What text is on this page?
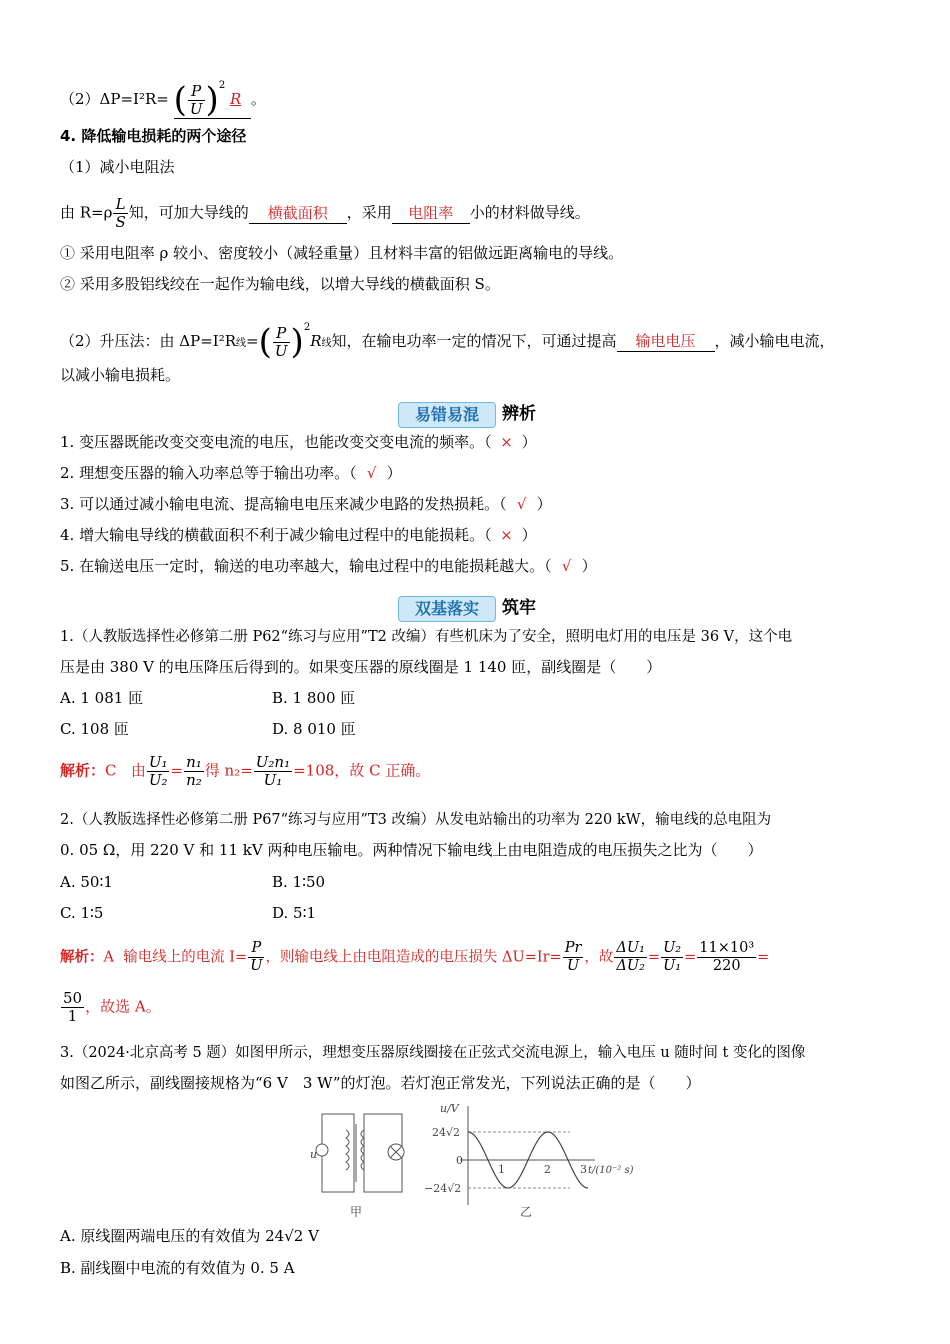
（2）ΔP=I²R= ( $\frac{P}{U} )^2$ R 。
4. 降低输电损耗的两个途径
（1）减小电阻法
由 $R=\rho \frac{L}{S}$ 知，可加大导线的 横截面积 ，采用 电阻率 小的材料做导线。
① 采用电阻率 ρ 较小、密度较小（减轻重量）且材料丰富的铝做远距离输电的导线。
② 采用多股铝线绞在一起作为输电线，以增大导线的横截面积 S。
（2）升压法：由 ΔP=I²R线=( $\frac{P}{U} )^2R$线知，在输电功率一定的情况下，可通过提高 输电电压 ，减小输电电流，
以减小输电损耗。
易错易混	辨析
1. 变压器既能改变交变电流的电压，也能改变交变电流的频率。（ × ）
2. 理想变压器的输入功率总等于输出功率。（ √ ）
3. 可以通过减小输电电流、提高输电电压来减少电路的发热损耗。（ √ ）
4. 增大输电导线的横截面积不利于减少输电过程中的电能损耗。（ × ）
5. 在输送电压一定时，输送的电功率越大，输电过程中的电能损耗越大。（ √ ）
双基落实	筑牢
1.（人教版选择性必修第二册 P62“练习与应用”T2 改编）有些机床为了安全，照明电灯用的电压是 36 V，这个电
压是由 380 V 的电压降压后得到的。如果变压器的原线圈是 1 140 匝，副线圈是（　　）
A. 1 081 匝	B. 1 800 匝
C. 108 匝	D. 8 010 匝
解析：C 由 $\frac{\text{U₁}}{\text{U₂}} = \frac{\text{n₁}}{\text{n₂}}$ 得 $n_2= \frac{\text{U₂n₁}}{\text{U₁}} =108$，故 C 正确。
2.（人教版选择性必修第二册 P67“练习与应用”T3 改编）从发电站输出的功率为 220 kW，输电线的总电阻为
0. 05 Ω，用 220 V 和 11 kV 两种电压输电。两种情况下输电线上由电阻造成的电压损失之比为（　　）
A. 50∶1	B. 1∶50
C. 1∶5	D. 5∶1
解析：A 输电线上的电流 $I= \frac{P}{U}$ ，则输电线上由电阻造成的电压损失 $\Delta U=Ir= \frac{Pr}{U}$ ，故 $\frac{\text{ΔU₁}}{\text{ΔU₂}} = \frac{\text{U₂}}{\text{U₁}} = \frac{\text{11×10³}}{220}$ =
$\frac{50}{1}$ ，故选 A。
3.（2024·北京高考 5 题）如图甲所示，理想变压器原线圈接在正弦式交流电源上，输入电压 u 随时间 t 变化的图像
如图乙所示，副线圈接规格为“6 V　3 W”的灯泡。若灯泡正常发光，下列说法正确的是（　　）
u
甲
u/V
24√2
0
−24√2
1	2	3 t/(10⁻² s)
乙
A. 原线圈两端电压的有效值为 24√2 V
B. 副线圈中电流的有效值为 0. 5 A
